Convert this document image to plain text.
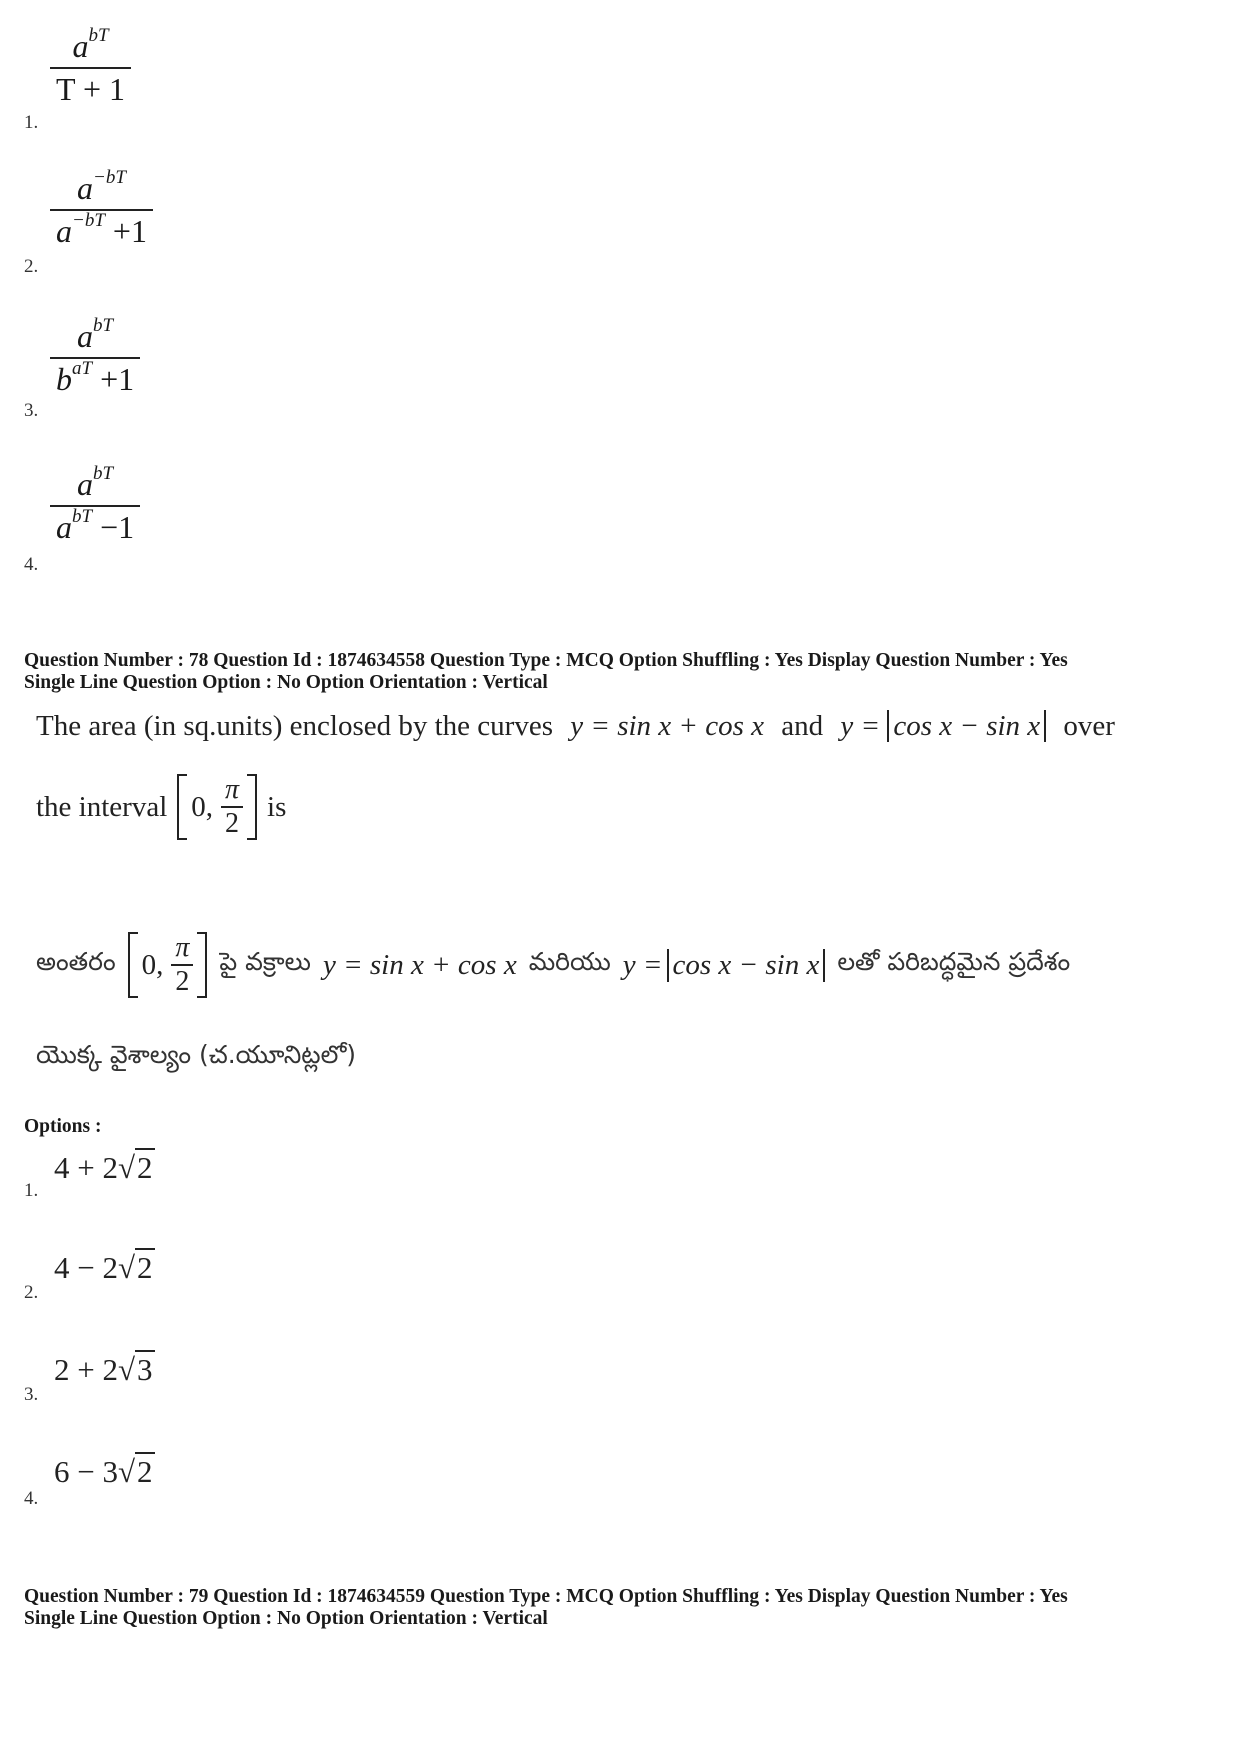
$\frac{a^{bT}}{T + 1}$
1.
$\frac{a^{-bT}}{a^{-bT} +1}$
2.
$\frac{a^{bT}}{b^{aT} +1}$
3.
$\frac{a^{bT}}{a^{bT} -1}$
4.
Question Number : 78 Question Id : 1874634558 Question Type : MCQ Option Shuffling : Yes Display Question Number : Yes
Single Line Question Option : No Option Orientation : Vertical
The area (in sq.units) enclosed by the curves y = sin x + cos x and y = cos x − sin x over
the interval 0,
π
2
is
అంతరం 0,
π
2
పై వక్రాలు y = sin x + cos x మరియు y = cos x − sin x లతో పరిబద్ధమైన ప్రదేశం
యొక్క వైశాల్యం (చ.యూనిట్లలో)
Options :
4 + 2√2
1.
4 − 2√2
2.
2 + 2√3
3.
6 − 3√2
4.
Question Number : 79 Question Id : 1874634559 Question Type : MCQ Option Shuffling : Yes Display Question Number : Yes
Single Line Question Option : No Option Orientation : Vertical
